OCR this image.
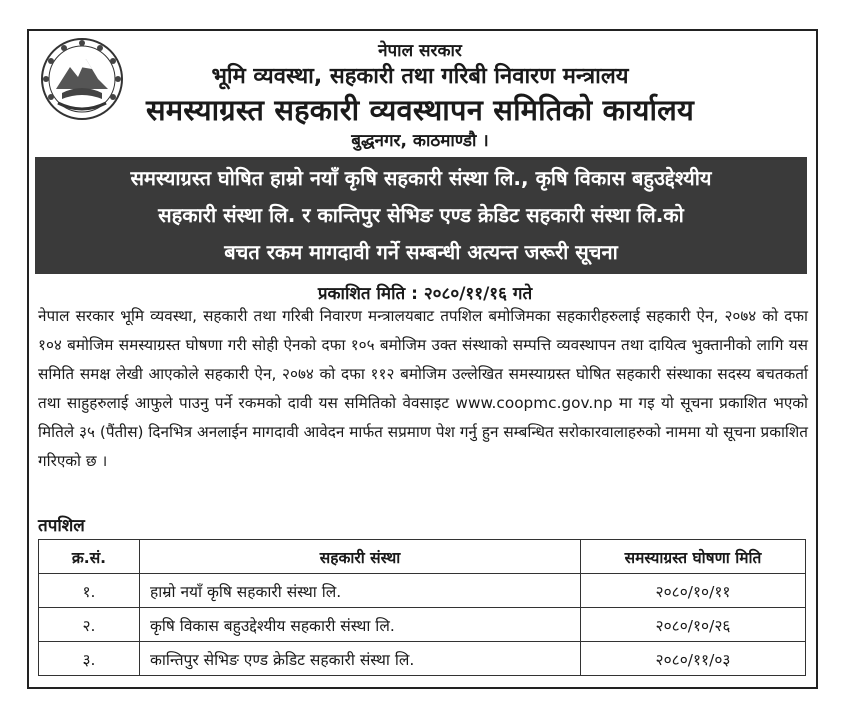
नेपाल सरकार
भूमि व्यवस्था, सहकारी तथा गरिबी निवारण मन्त्रालय
समस्याग्रस्त सहकारी व्यवस्थापन समितिको कार्यालय
बुद्धनगर, काठमाण्डौ ।
समस्याग्रस्त घोषित हाम्रो नयाँ कृषि सहकारी संस्था लि., कृषि विकास बहुउद्देश्यीय
सहकारी संस्था लि. र कान्तिपुर सेभिङ एण्ड क्रेडिट सहकारी संस्था लि.को
बचत रकम मागदावी गर्ने सम्बन्धी अत्यन्त जरूरी सूचना
प्रकाशित मिति : २०८०/११/१६ गते
नेपाल सरकार भूमि व्यवस्था, सहकारी तथा गरिबी निवारण मन्त्रालयबाट तपशिल बमोजिमका सहकारीहरुलाई सहकारी ऐन, २०७४ को दफा १०४ बमोजिम समस्याग्रस्त घोषणा गरी सोही ऐनको दफा १०५ बमोजिम उक्त संस्थाको सम्पत्ति व्यवस्थापन तथा दायित्व भुक्तानीको लागि यस समिति समक्ष लेखी आएकोले सहकारी ऐन, २०७४ को दफा ११२ बमोजिम उल्लेखित समस्याग्रस्त घोषित सहकारी संस्थाका सदस्य बचतकर्ता तथा साहुहरुलाई आफुले पाउनु पर्ने रकमको दावी यस समितिको वेवसाइट www.coopmc.gov.np मा गइ यो सूचना प्रकाशित भएको मितिले ३५ (पैंतीस) दिनभित्र अनलाईन मागदावी आवेदन मार्फत सप्रमाण पेश गर्नु हुन सम्बन्धित सरोकारवालाहरुको नाममा यो सूचना प्रकाशित गरिएको छ ।
तपशिल
क्र.सं.	सहकारी संस्था	समस्याग्रस्त घोषणा मिति
१.	हाम्रो नयाँ कृषि सहकारी संस्था लि.	२०८०/१०/११
२.	कृषि विकास बहुउद्देश्यीय सहकारी संस्था लि.	२०८०/१०/२६
३.	कान्तिपुर सेभिङ एण्ड क्रेडिट सहकारी संस्था लि.	२०८०/११/०३
